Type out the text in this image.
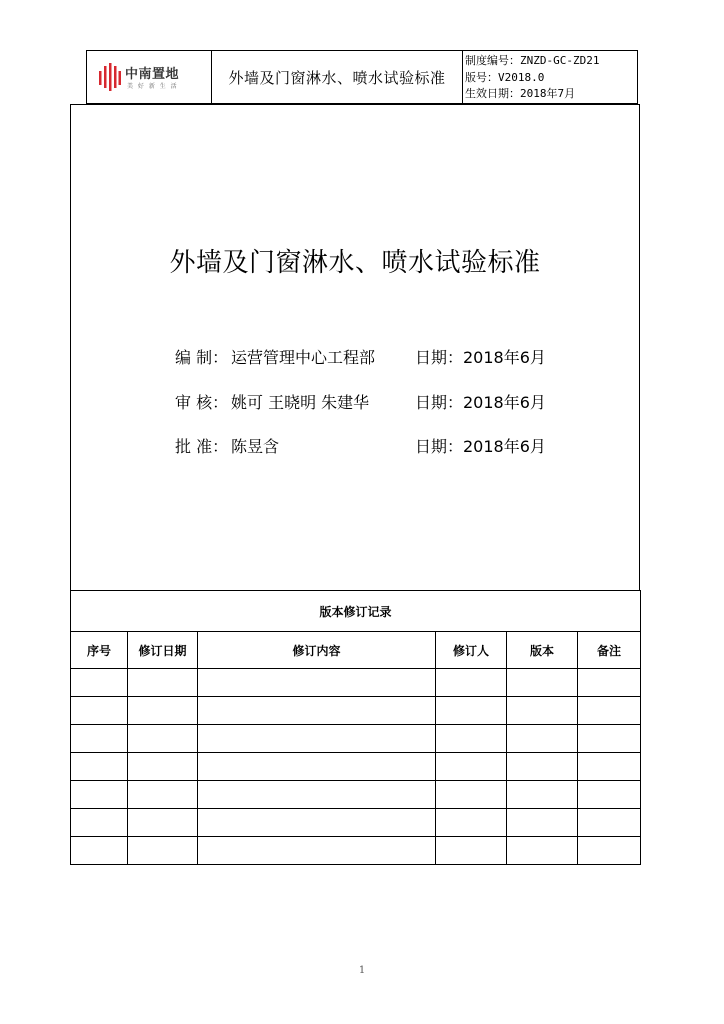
中南置地
美 好 新 生 活	外墙及门窗淋水、喷水试验标准
制度编号：ZNZD-GC-ZD21
版号：V2018.0
生效日期：2018年7月
外墙及门窗淋水、喷水试验标准
编 制： 运营管理中心工程部 日期：2018年6月
审 核： 姚可 王晓明 朱建华	日期：2018年6月
批 准： 陈昱含	日期：2018年6月
版本修订记录					
序号	修订日期	修订内容	修订人	版本	备注

1
